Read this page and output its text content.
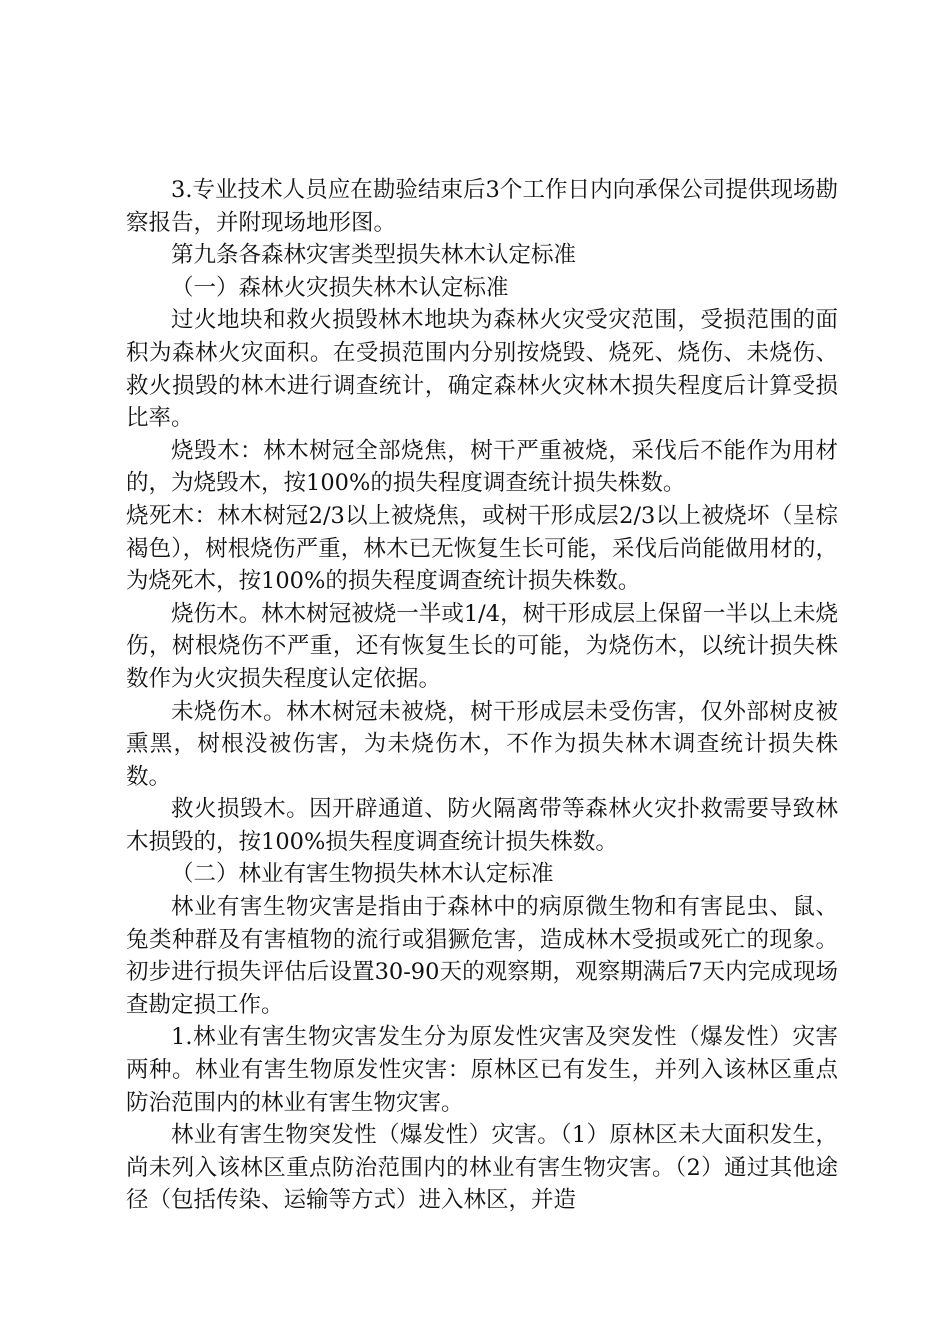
3.专业技术人员应在勘验结束后3个工作日内向承保公司提供现场勘察报告，并附现场地形图。

第九条各森林灾害类型损失林木认定标准

（一）森林火灾损失林木认定标准

过火地块和救火损毁林木地块为森林火灾受灾范围，受损范围的面积为森林火灾面积。在受损范围内分别按烧毁、烧死、烧伤、未烧伤、救火损毁的林木进行调查统计，确定森林火灾林木损失程度后计算受损比率。

烧毁木：林木树冠全部烧焦，树干严重被烧，采伐后不能作为用材的，为烧毁木，按100%的损失程度调查统计损失株数。

烧死木：林木树冠2/3以上被烧焦，或树干形成层2/3以上被烧坏（呈棕褐色），树根烧伤严重，林木已无恢复生长可能，采伐后尚能做用材的，为烧死木，按100%的损失程度调查统计损失株数。

烧伤木。林木树冠被烧一半或1/4，树干形成层上保留一半以上未烧伤，树根烧伤不严重，还有恢复生长的可能，为烧伤木，以统计损失株数作为火灾损失程度认定依据。

未烧伤木。林木树冠未被烧，树干形成层未受伤害，仅外部树皮被熏黑，树根没被伤害，为未烧伤木，不作为损失林木调查统计损失株数。

救火损毁木。因开辟通道、防火隔离带等森林火灾扑救需要导致林木损毁的，按100%损失程度调查统计损失株数。

（二）林业有害生物损失林木认定标准

林业有害生物灾害是指由于森林中的病原微生物和有害昆虫、鼠、兔类种群及有害植物的流行或猖獗危害，造成林木受损或死亡的现象。初步进行损失评估后设置30-90天的观察期，观察期满后7天内完成现场查勘定损工作。

1.林业有害生物灾害发生分为原发性灾害及突发性（爆发性）灾害两种。林业有害生物原发性灾害：原林区已有发生，并列入该林区重点防治范围内的林业有害生物灾害。

林业有害生物突发性（爆发性）灾害。（1）原林区未大面积发生，尚未列入该林区重点防治范围内的林业有害生物灾害。（2）通过其他途径（包括传染、运输等方式）进入林区，并造
